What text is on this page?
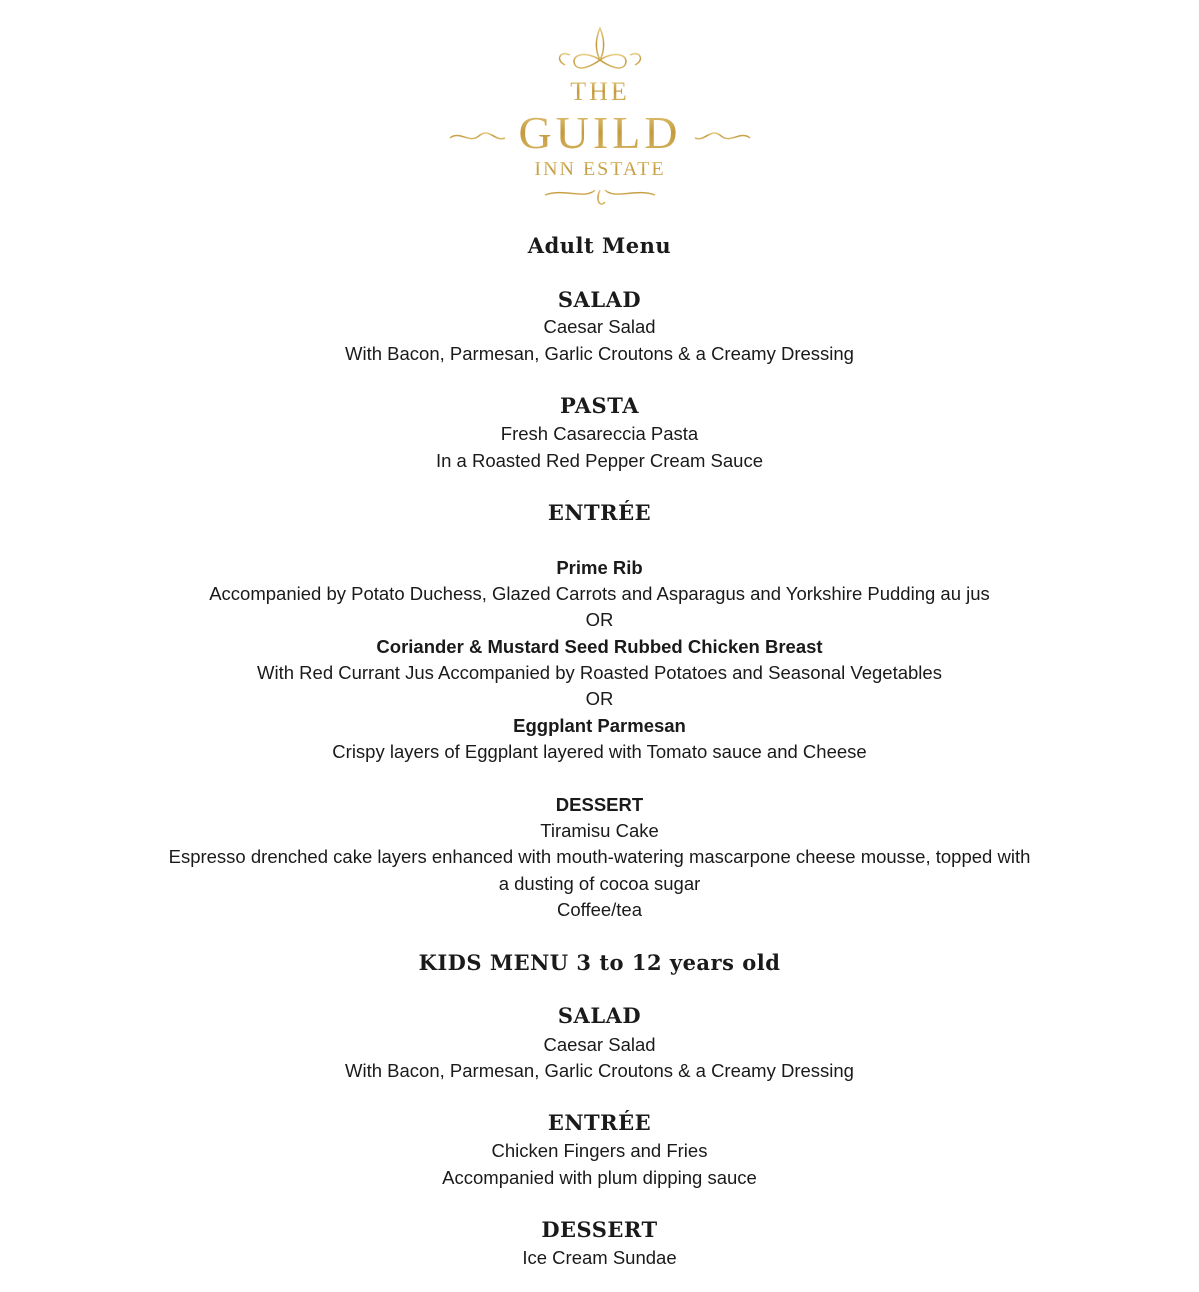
THE
GUILD
INN ESTATE
Adult Menu
SALAD
Caesar Salad
With Bacon, Parmesan, Garlic Croutons & a Creamy Dressing
PASTA
Fresh Casareccia Pasta
In a Roasted Red Pepper Cream Sauce
ENTRÉE
Prime Rib
Accompanied by Potato Duchess, Glazed Carrots and Asparagus and Yorkshire Pudding au jus
OR
Coriander & Mustard Seed Rubbed Chicken Breast
With Red Currant Jus Accompanied by Roasted Potatoes and Seasonal Vegetables
OR
Eggplant Parmesan
Crispy layers of Eggplant layered with Tomato sauce and Cheese
DESSERT
Tiramisu Cake
Espresso drenched cake layers enhanced with mouth-watering mascarpone cheese mousse, topped with
a dusting of cocoa sugar
Coffee/tea
KIDS MENU 3 to 12 years old
SALAD
Caesar Salad
With Bacon, Parmesan, Garlic Croutons & a Creamy Dressing
ENTRÉE
Chicken Fingers and Fries
Accompanied with plum dipping sauce
DESSERT
Ice Cream Sundae
